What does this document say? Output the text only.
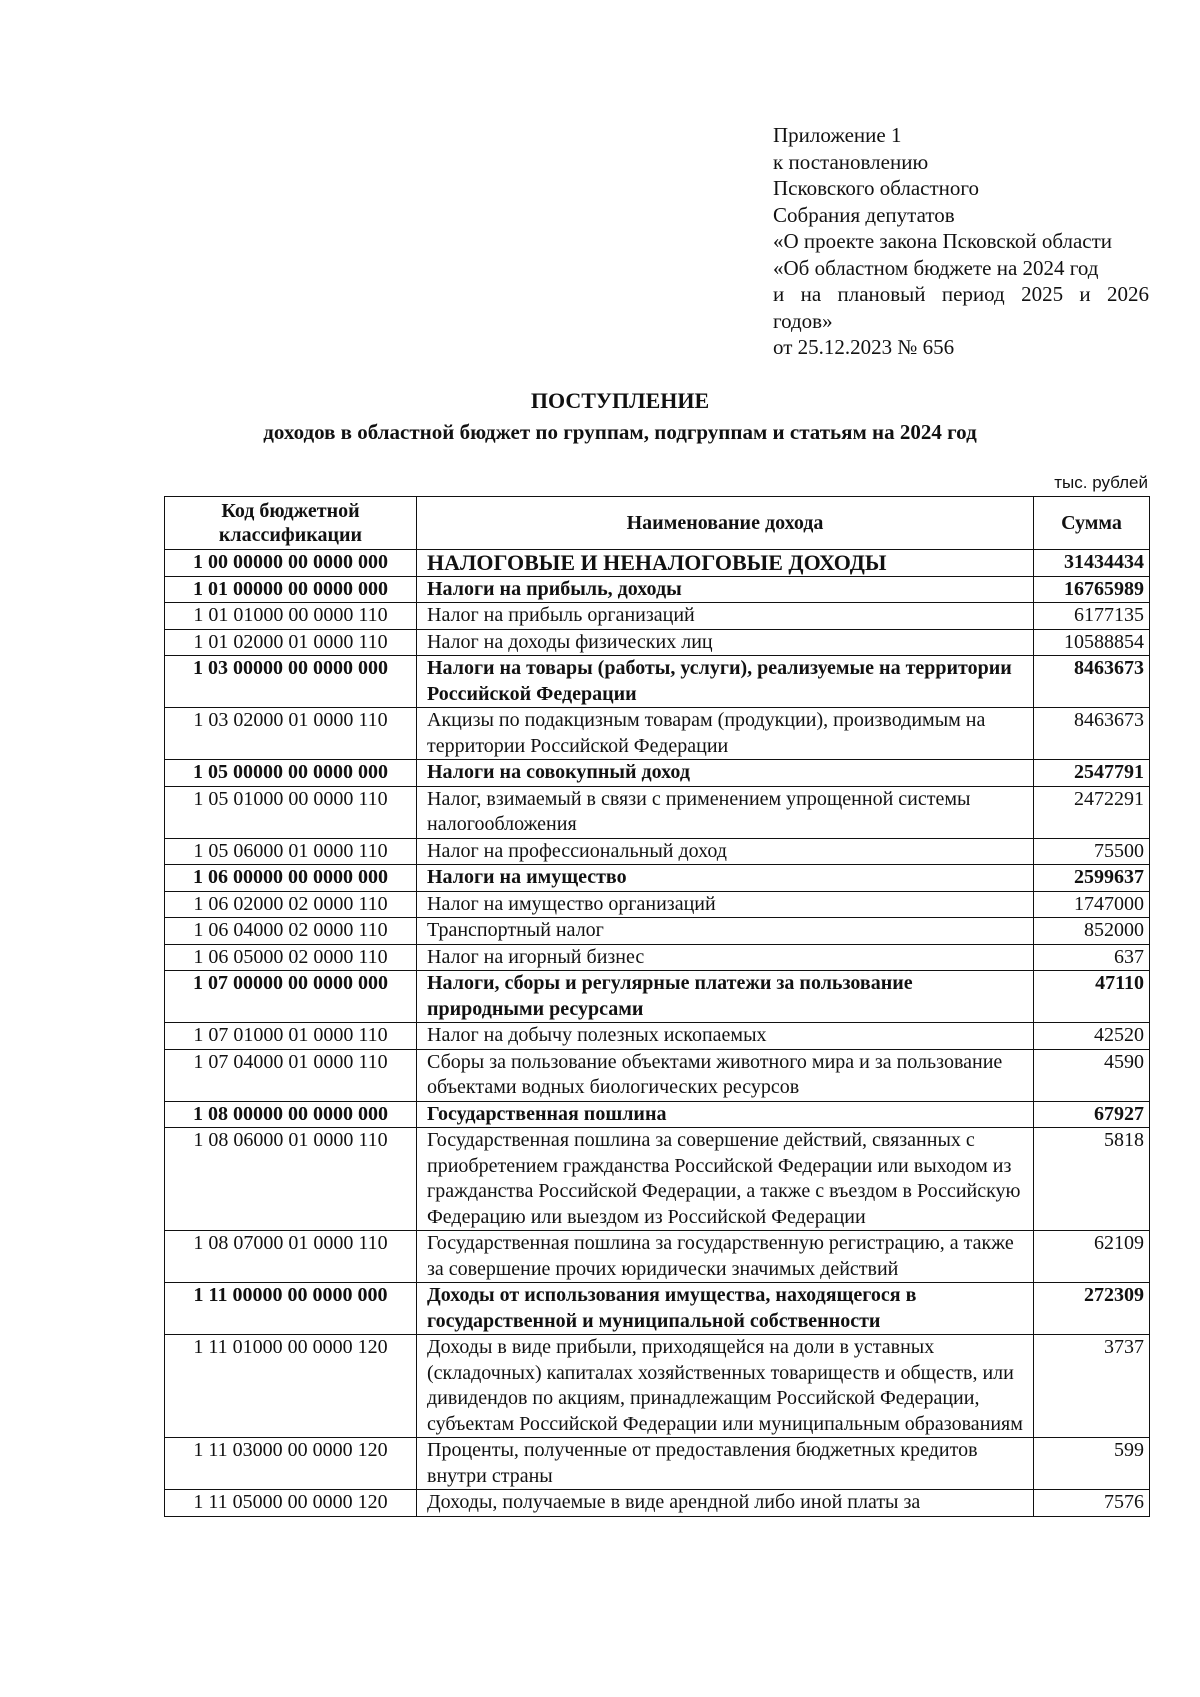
Приложение 1
к постановлению
Псковского областного
Собрания депутатов
«О проекте закона Псковской области
«Об областном бюджете на 2024 год
и на плановый период 2025 и 2026
годов»
от 25.12.2023 № 656
ПОСТУПЛЕНИЕ
доходов в областной бюджет по группам, подгруппам и статьям на 2024 год
тыс. рублей
Код бюджетной классификации	Наименование дохода	Сумма
1 00 00000 00 0000 000	НАЛОГОВЫЕ И НЕНАЛОГОВЫЕ ДОХОДЫ	31434434
1 01 00000 00 0000 000	Налоги на прибыль, доходы	16765989
1 01 01000 00 0000 110	Налог на прибыль организаций	6177135
1 01 02000 01 0000 110	Налог на доходы физических лиц	10588854
1 03 00000 00 0000 000	Налоги на товары (работы, услуги), реализуемые на территории Российской Федерации	8463673
1 03 02000 01 0000 110	Акцизы по подакцизным товарам (продукции), производимым на территории Российской Федерации	8463673
1 05 00000 00 0000 000	Налоги на совокупный доход	2547791
1 05 01000 00 0000 110	Налог, взимаемый в связи с применением упрощенной системы налогообложения	2472291
1 05 06000 01 0000 110	Налог на профессиональный доход	75500
1 06 00000 00 0000 000	Налоги на имущество	2599637
1 06 02000 02 0000 110	Налог на имущество организаций	1747000
1 06 04000 02 0000 110	Транспортный налог	852000
1 06 05000 02 0000 110	Налог на игорный бизнес	637
1 07 00000 00 0000 000	Налоги, сборы и регулярные платежи за пользование природными ресурсами	47110
1 07 01000 01 0000 110	Налог на добычу полезных ископаемых	42520
1 07 04000 01 0000 110	Сборы за пользование объектами животного мира и за пользование объектами водных биологических ресурсов	4590
1 08 00000 00 0000 000	Государственная пошлина	67927
1 08 06000 01 0000 110	Государственная пошлина за совершение действий, связанных с приобретением гражданства Российской Федерации или выходом из гражданства Российской Федерации, а также с въездом в Российскую Федерацию или выездом из Российской Федерации	5818
1 08 07000 01 0000 110	Государственная пошлина за государственную регистрацию, а также за совершение прочих юридически значимых действий	62109
1 11 00000 00 0000 000	Доходы от использования имущества, находящегося в государственной и муниципальной собственности	272309
1 11 01000 00 0000 120	Доходы в виде прибыли, приходящейся на доли в уставных (складочных) капиталах хозяйственных товариществ и обществ, или дивидендов по акциям, принадлежащим Российской Федерации, субъектам Российской Федерации или муниципальным образованиям	3737
1 11 03000 00 0000 120	Проценты, полученные от предоставления бюджетных кредитов внутри страны	599
1 11 05000 00 0000 120	Доходы, получаемые в виде арендной либо иной платы за	7576
